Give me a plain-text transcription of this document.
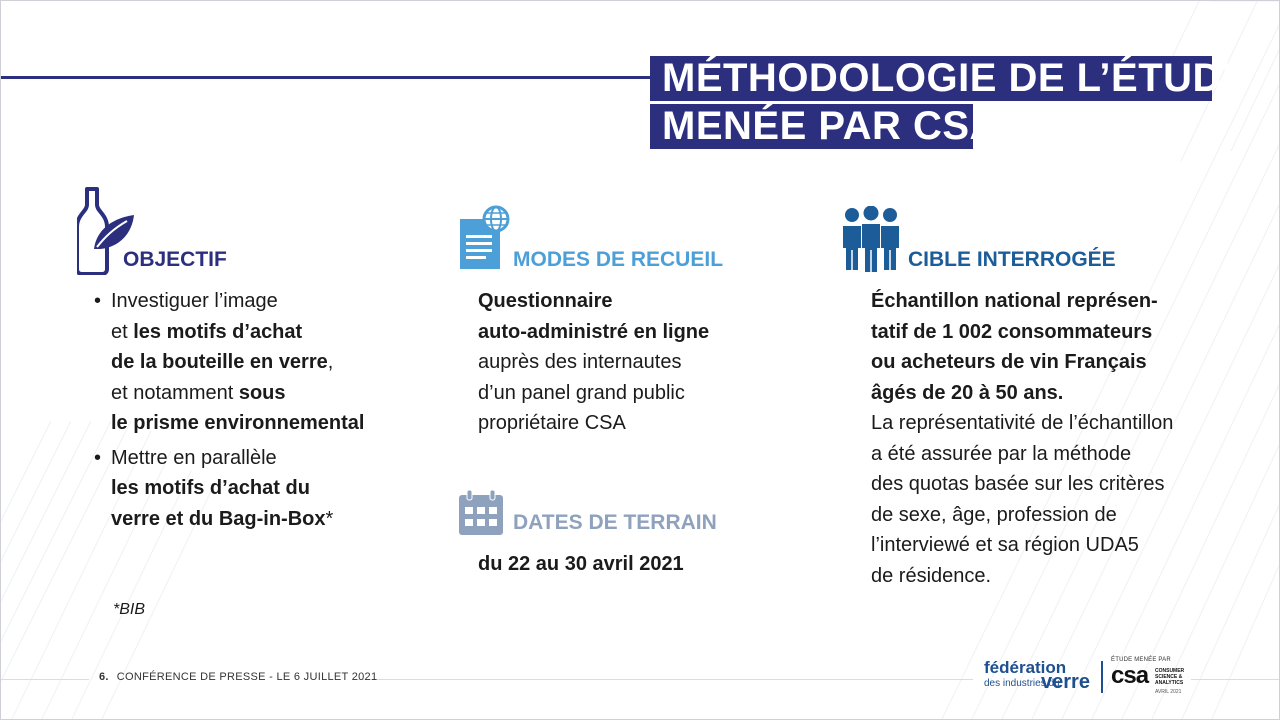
MÉTHODOLOGIE DE L’ÉTUDE
MENÉE PAR CSA
OBJECTIF
• Investiguer l’image
et les motifs d’achat
de la bouteille en verre,
et notamment sous
le prisme environnemental
• Mettre en parallèle
les motifs d’achat du
verre et du Bag-in-Box*
*BIB
MODES DE RECUEIL
Questionnaire
auto-administré en ligne
auprès des internautes
d’un panel grand public
propriétaire CSA
DATES DE TERRAIN
du 22 au 30 avril 2021
CIBLE INTERROGÉE
Échantillon national représen-
tatif de 1 002 consommateurs
ou acheteurs de vin Français
âgés de 20 à 50 ans.
La représentativité de l’échantillon
a été assurée par la méthode
des quotas basée sur les critères
de sexe, âge, profession de
l’interviewé et sa région UDA5
de résidence.
6. CONFÉRENCE DE PRESSE - LE 6 JUILLET 2021	fédération
des industries du
verre
ÉTUDE MENÉE PAR
csa CONSUMER SCIENCE & ANALYTICS
AVRIL 2021
